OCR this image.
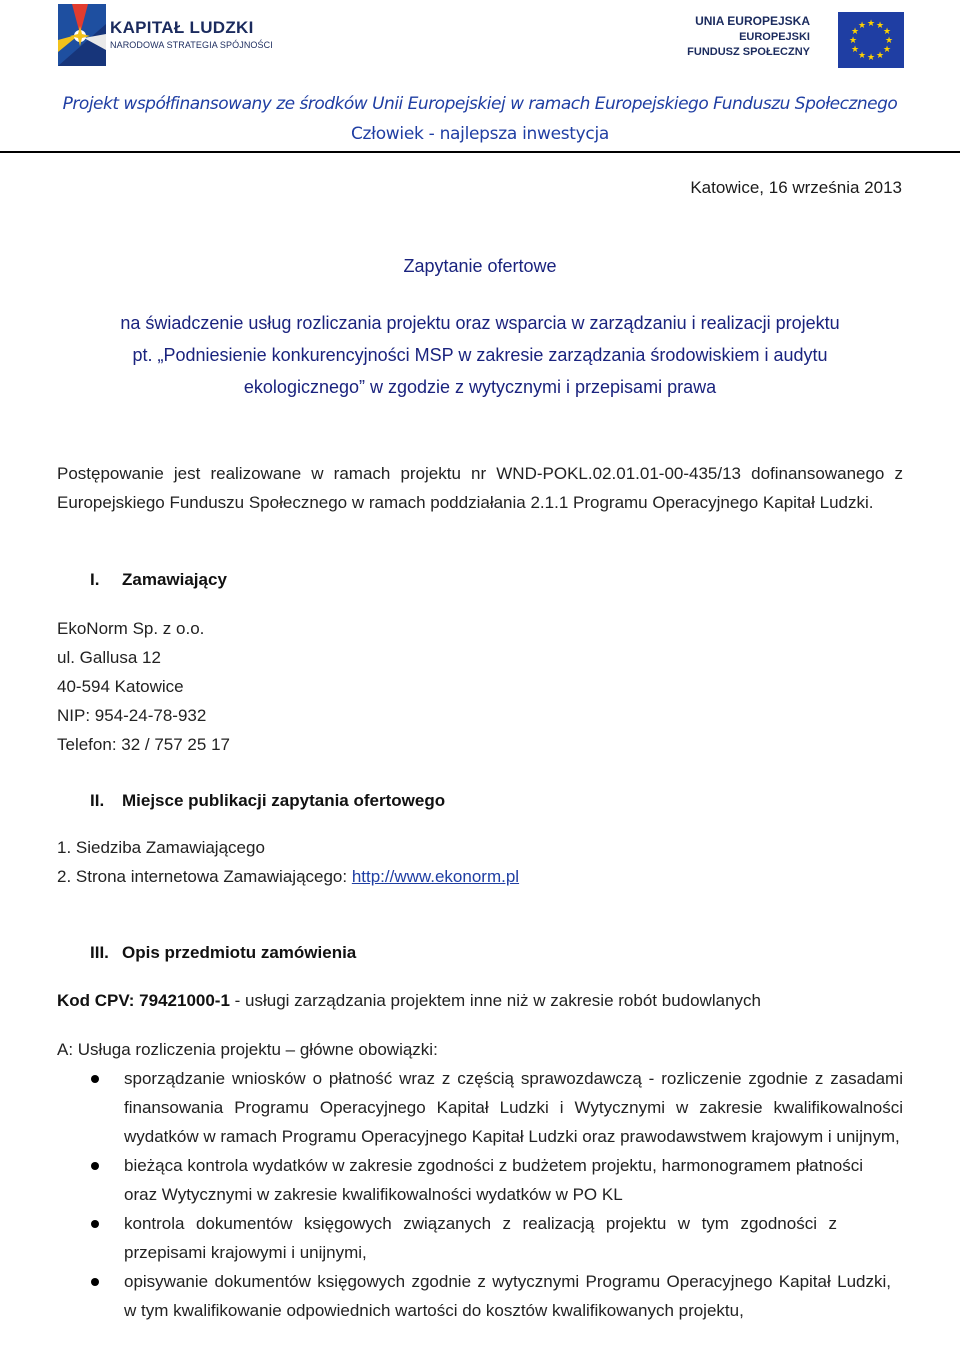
KAPITAŁ LUDZKI
NARODOWA STRATEGIA SPÓJNOŚCI
UNIA EUROPEJSKA
EUROPEJSKI
FUNDUSZ SPOŁECZNY
★ ★
★
★
★
★
★
★
★
★
★
★
Projekt współfinansowany ze środków Unii Europejskiej w ramach Europejskiego Funduszu Społecznego
Człowiek - najlepsza inwestycja
Katowice, 16 września 2013
Zapytanie ofertowe
na świadczenie usług rozliczania projektu oraz wsparcia w zarządzaniu i realizacji projektu
pt. „Podniesienie konkurencyjności MSP w zakresie zarządzania środowiskiem i audytu
ekologicznego” w zgodzie z wytycznymi i przepisami prawa
Postępowanie jest realizowane w ramach projektu nr WND-POKL.02.01.01-00-435/13 dofinansowanego z Europejskiego Funduszu Społecznego w ramach poddziałania 2.1.1 Programu Operacyjnego Kapitał Ludzki.
I. Zamawiający
EkoNorm Sp. z o.o.
ul. Gallusa 12
40-594 Katowice
NIP: 954-24-78-932
Telefon: 32 / 757 25 17
II. Miejsce publikacji zapytania ofertowego
1. Siedziba Zamawiającego
2. Strona internetowa Zamawiającego: http://www.ekonorm.pl
III. Opis przedmiotu zamówienia
Kod CPV: 79421000-1 - usługi zarządzania projektem inne niż w zakresie robót budowlanych
A: Usługa rozliczenia projektu – główne obowiązki:
sporządzanie wniosków o płatność wraz z częścią sprawozdawczą - rozliczenie zgodnie z zasadami finansowania Programu Operacyjnego Kapitał Ludzki i Wytycznymi w zakresie kwalifikowalności wydatków w ramach Programu Operacyjnego Kapitał Ludzki oraz prawodawstwem krajowym i unijnym,
bieżąca kontrola wydatków w zakresie zgodności z budżetem projektu, harmonogramem płatności oraz Wytycznymi w zakresie kwalifikowalności wydatków w PO KL
kontrola dokumentów księgowych związanych z realizacją projektu w tym zgodności z przepisami krajowymi i unijnymi,
opisywanie dokumentów księgowych zgodnie z wytycznymi Programu Operacyjnego Kapitał Ludzki, w tym kwalifikowanie odpowiednich wartości do kosztów kwalifikowanych projektu,
